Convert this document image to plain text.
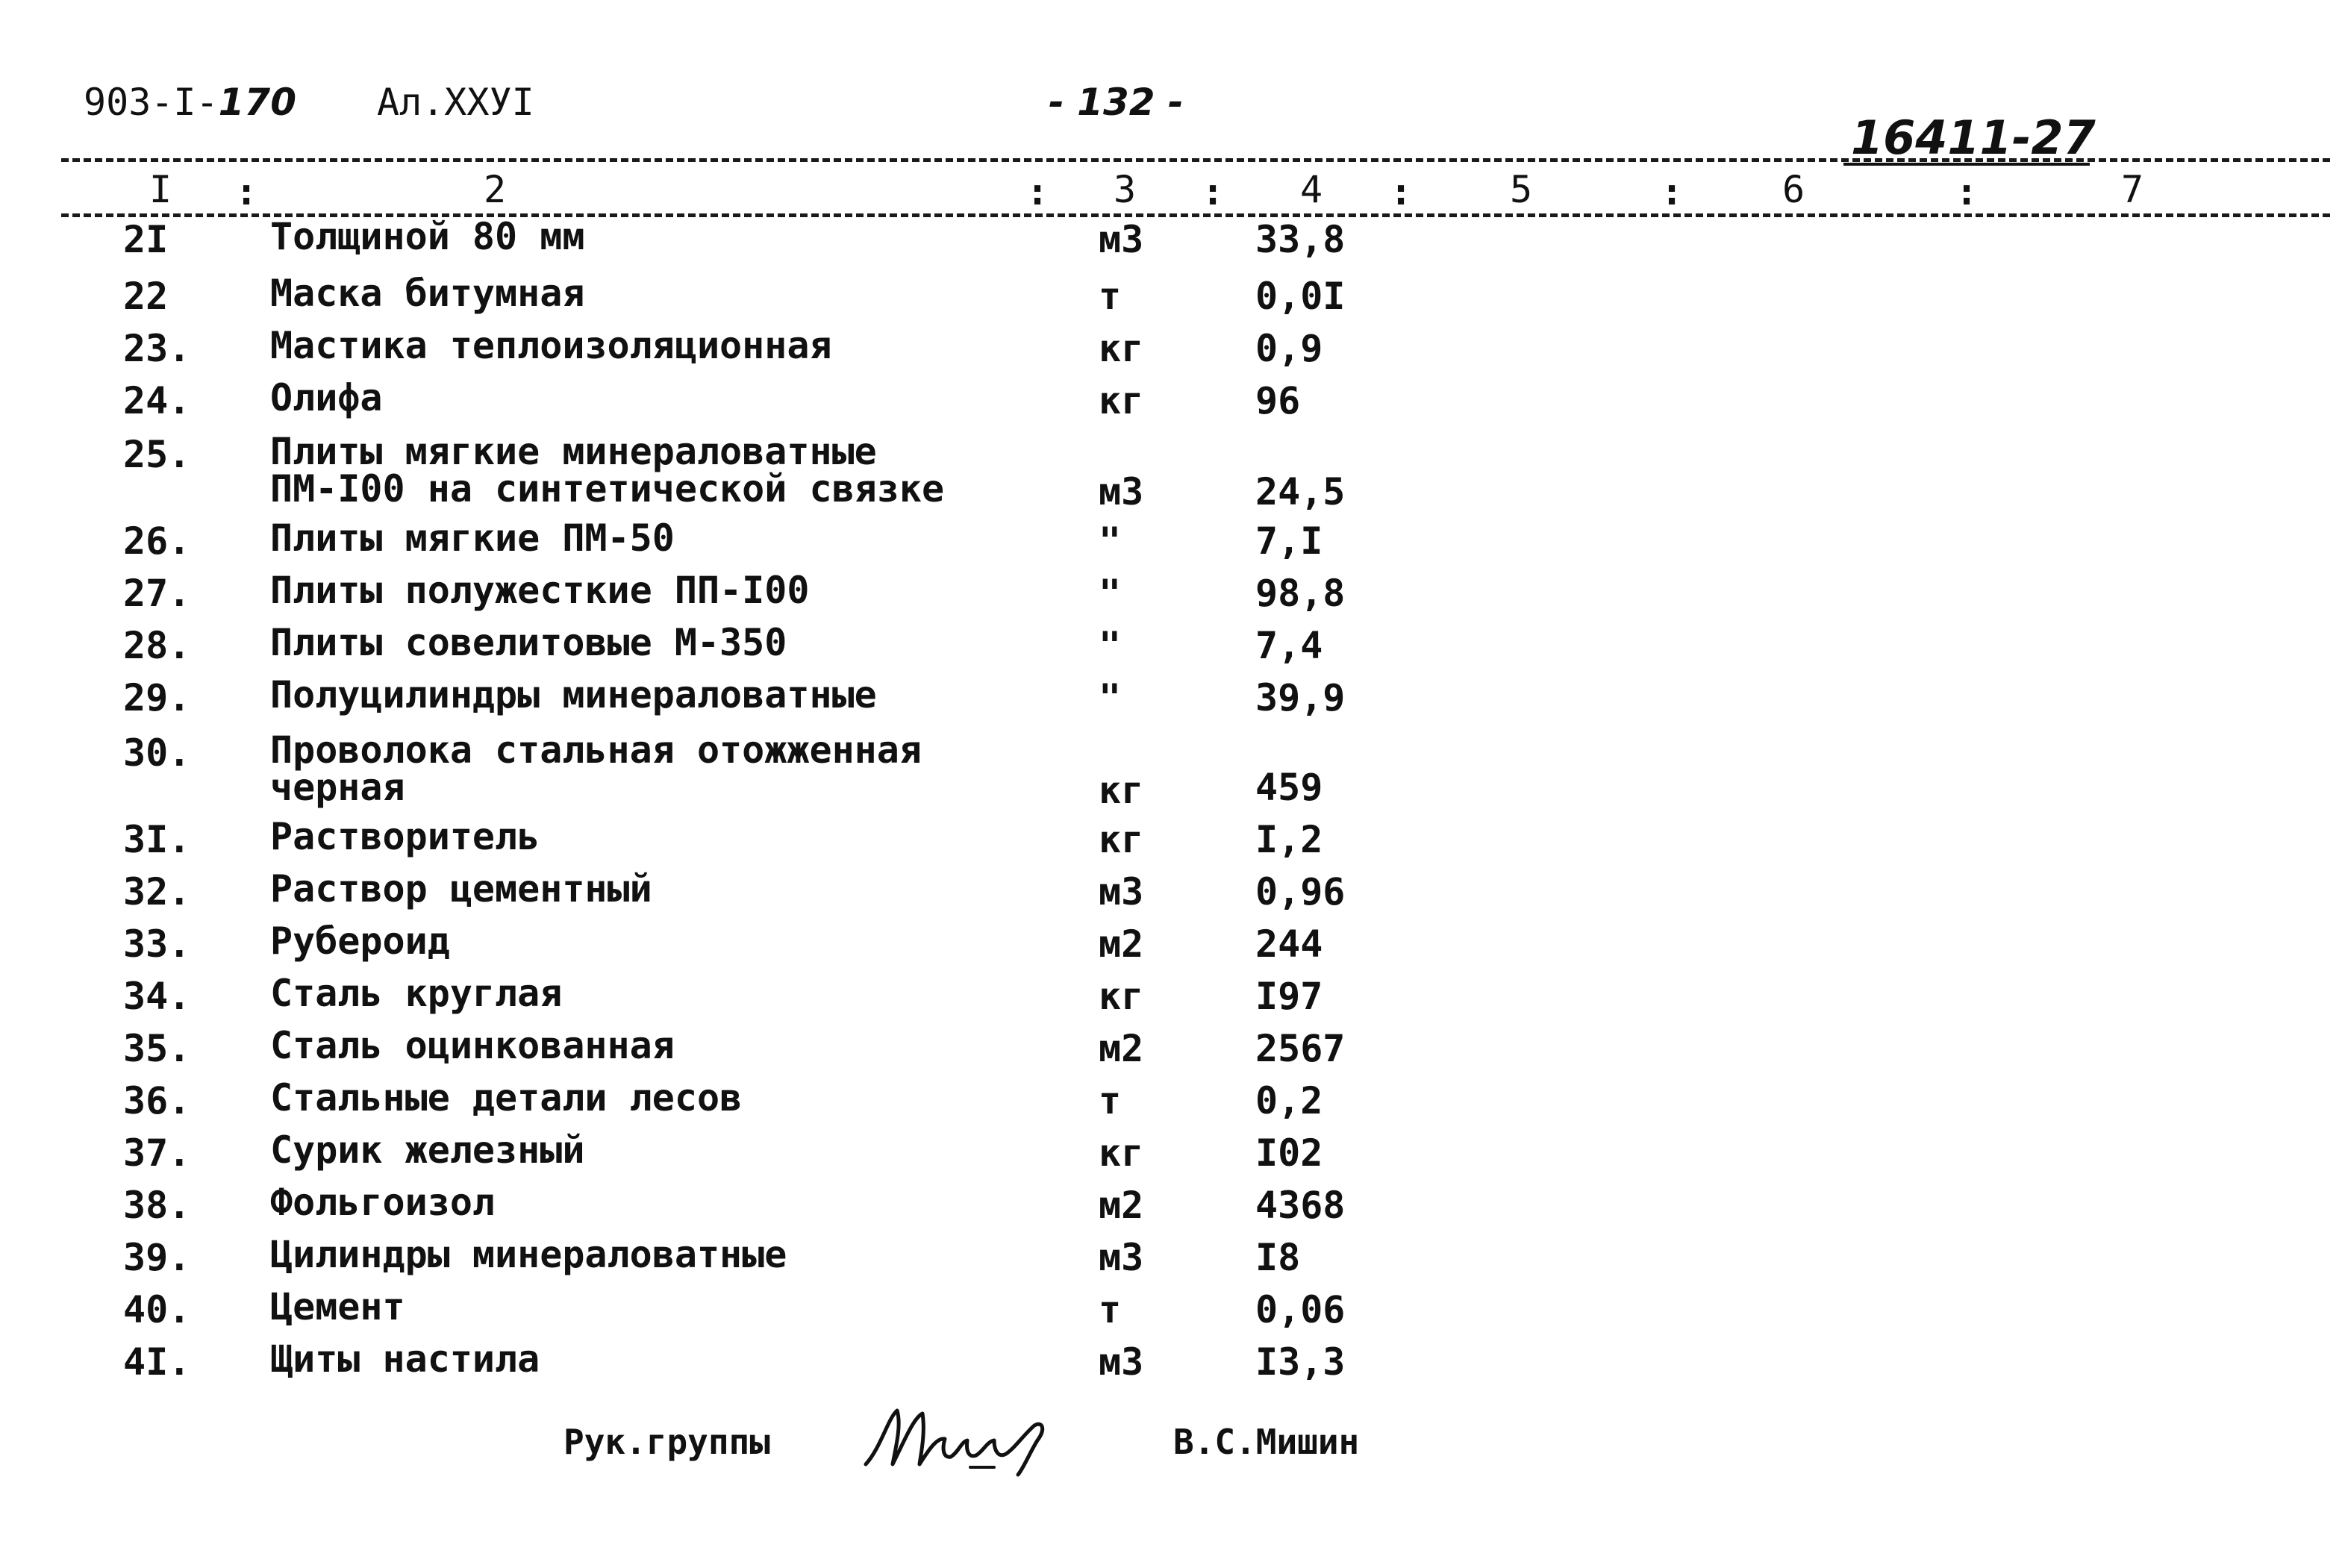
903-I-170 Ал.XXУI	- 132 -
16411-27
I :	2	: 3 : 4 :	5	:	6	:	7
2I	Толщиной 80 мм	м3	33,8
22	Маска битумная	т	0,0I
23. Мастика теплоизоляционная	кг	0,9
24. Олифа	кг	96
25. Плиты мягкие минераловатные
ПМ-I00 на синтетической связке	м3	24,5
26. Плиты мягкие ПМ-50	"	7,I
27. Плиты полужесткие ПП-I00	"	98,8
28. Плиты совелитовые М-350	"	7,4
29. Полуцилиндры минераловатные	"	39,9
30. Проволока стальная отожженная
черная	кг	459
3I. Растворитель	кг	I,2
32. Раствор цементный	м3	0,96
33. Рубероид	м2	244
34. Сталь круглая	кг	I97
35. Сталь оцинкованная	м2	2567
36. Стальные детали лесов	т	0,2
37. Сурик железный	кг	I02
38. Фольгоизол	м2	4368
39. Цилиндры минераловатные	м3	I8
40. Цемент	т	0,06
4I. Щиты настила	м3	I3,3
Рук.группы	В.С.Мишин
